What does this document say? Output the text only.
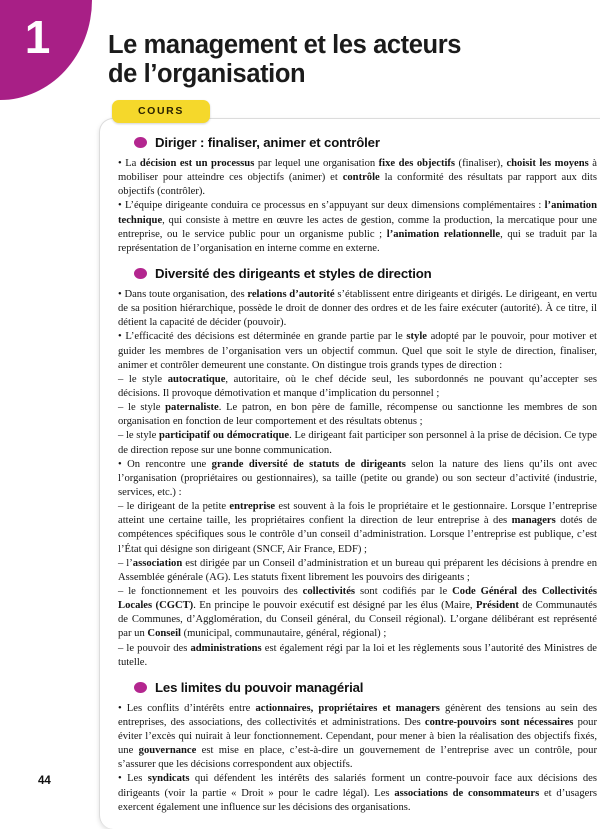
1	Le management et les acteurs
de l’organisation
COURS
Diriger : finaliser, animer et contrôler

• La décision est un processus par lequel une organisation fixe des objectifs (finaliser), choisit les moyens à mobiliser pour atteindre ces objectifs (animer) et contrôle la conformité des résultats par rapport aux dits objectifs (contrôler).

• L’équipe dirigeante conduira ce processus en s’appuyant sur deux dimensions complémentaires : l’animation technique, qui consiste à mettre en œuvre les actes de gestion, comme la production, la mercatique pour une entreprise, ou le service public pour un organisme public ; l’animation relationnelle, qui se traduit par la représentation de l’organisation en interne comme en externe.

Diversité des dirigeants et styles de direction

• Dans toute organisation, des relations d’autorité s’établissent entre dirigeants et dirigés. Le dirigeant, en vertu de sa position hiérarchique, possède le droit de donner des ordres et de les faire exécuter (autorité). À ce titre, il détient la capacité de décider (pouvoir).

• L’efficacité des décisions est déterminée en grande partie par le style adopté par le pouvoir, pour motiver et guider les membres de l’organisation vers un objectif commun. Quel que soit le style de direction, finaliser, animer et contrôler demeurent une constante. On distingue trois grands types de direction :

– le style autocratique, autoritaire, où le chef décide seul, les subordonnés ne pouvant qu’accepter ses décisions. Il provoque démotivation et manque d’implication du personnel ;

– le style paternaliste. Le patron, en bon père de famille, récompense ou sanctionne les membres de son organisation en fonction de leur comportement et des résultats obtenus ;

– le style participatif ou démocratique. Le dirigeant fait participer son personnel à la prise de décision. Ce type de direction repose sur une bonne communication.

• On rencontre une grande diversité de statuts de dirigeants selon la nature des liens qu’ils ont avec l’organisation (propriétaires ou gestionnaires), sa taille (petite ou grande) ou son secteur d’activité (industrie, services, etc.) :

– le dirigeant de la petite entreprise est souvent à la fois le propriétaire et le gestionnaire. Lorsque l’entreprise atteint une certaine taille, les propriétaires confient la direction de leur entreprise à des managers dotés de compétences spécifiques sous le contrôle d’un conseil d’administration. Lorsque l’entreprise est publique, c’est l’État qui désigne son dirigeant (SNCF, Air France, EDF) ;

– l’association est dirigée par un Conseil d’administration et un bureau qui préparent les décisions à prendre en Assemblée générale (AG). Les statuts fixent librement les pouvoirs des dirigeants ;

– le fonctionnement et les pouvoirs des collectivités sont codifiés par le Code Général des Collectivités Locales (CGCT). En principe le pouvoir exécutif est désigné par les élus (Maire, Président de Communautés de Communes, d’Agglomération, du Conseil général, du Conseil régional). L’organe délibérant est représenté par un Conseil (municipal, communautaire, général, régional) ;

– le pouvoir des administrations est également régi par la loi et les règlements sous l’autorité des Ministres de tutelle.

Les limites du pouvoir managérial

• Les conflits d’intérêts entre actionnaires, propriétaires et managers génèrent des tensions au sein des entreprises, des associations, des collectivités et administrations. Des contre-pouvoirs sont nécessaires pour éviter l’excès qui nuirait à leur fonctionnement. Cependant, pour mener à bien la réalisation des objectifs fixés, une gouvernance est mise en place, c’est-à-dire un gouvernement de l’entreprise avec un contrôle, pour s’assurer que les décisions correspondent aux objectifs.

• Les syndicats qui défendent les intérêts des salariés forment un contre-pouvoir face aux décisions des dirigeants (voir la partie « Droit » pour le cadre légal). Les associations de consommateurs et d’usagers exercent également une influence sur les décisions des organisations.

44
